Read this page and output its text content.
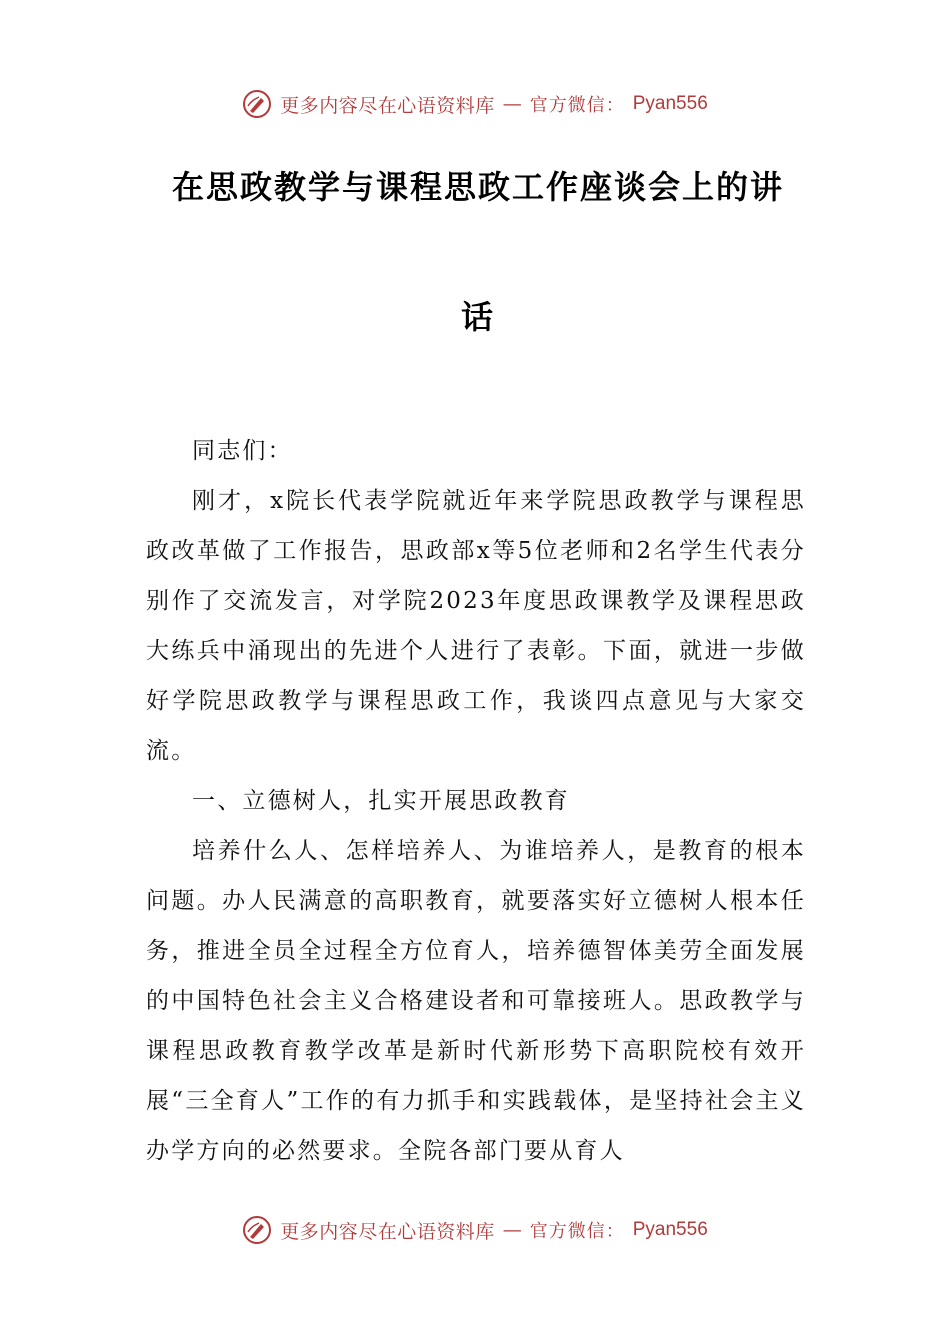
更多内容尽在心语资料库 — 官方微信： Pyan556
在思政教学与课程思政工作座谈会上的讲
话

同志们：

刚才，x院长代表学院就近年来学院思政教学与课程思政改革做了工作报告，思政部x等5位老师和2名学生代表分别作了交流发言，对学院2023年度思政课教学及课程思政大练兵中涌现出的先进个人进行了表彰。下面，就进一步做好学院思政教学与课程思政工作，我谈四点意见与大家交流。

一、立德树人，扎实开展思政教育

培养什么人、怎样培养人、为谁培养人，是教育的根本问题。办人民满意的高职教育，就要落实好立德树人根本任务，推进全员全过程全方位育人，培养德智体美劳全面发展的中国特色社会主义合格建设者和可靠接班人。思政教学与课程思政教育教学改革是新时代新形势下高职院校有效开展“三全育人”工作的有力抓手和实践载体，是坚持社会主义办学方向的必然要求。全院各部门要从育人

更多内容尽在心语资料库 — 官方微信： Pyan556
